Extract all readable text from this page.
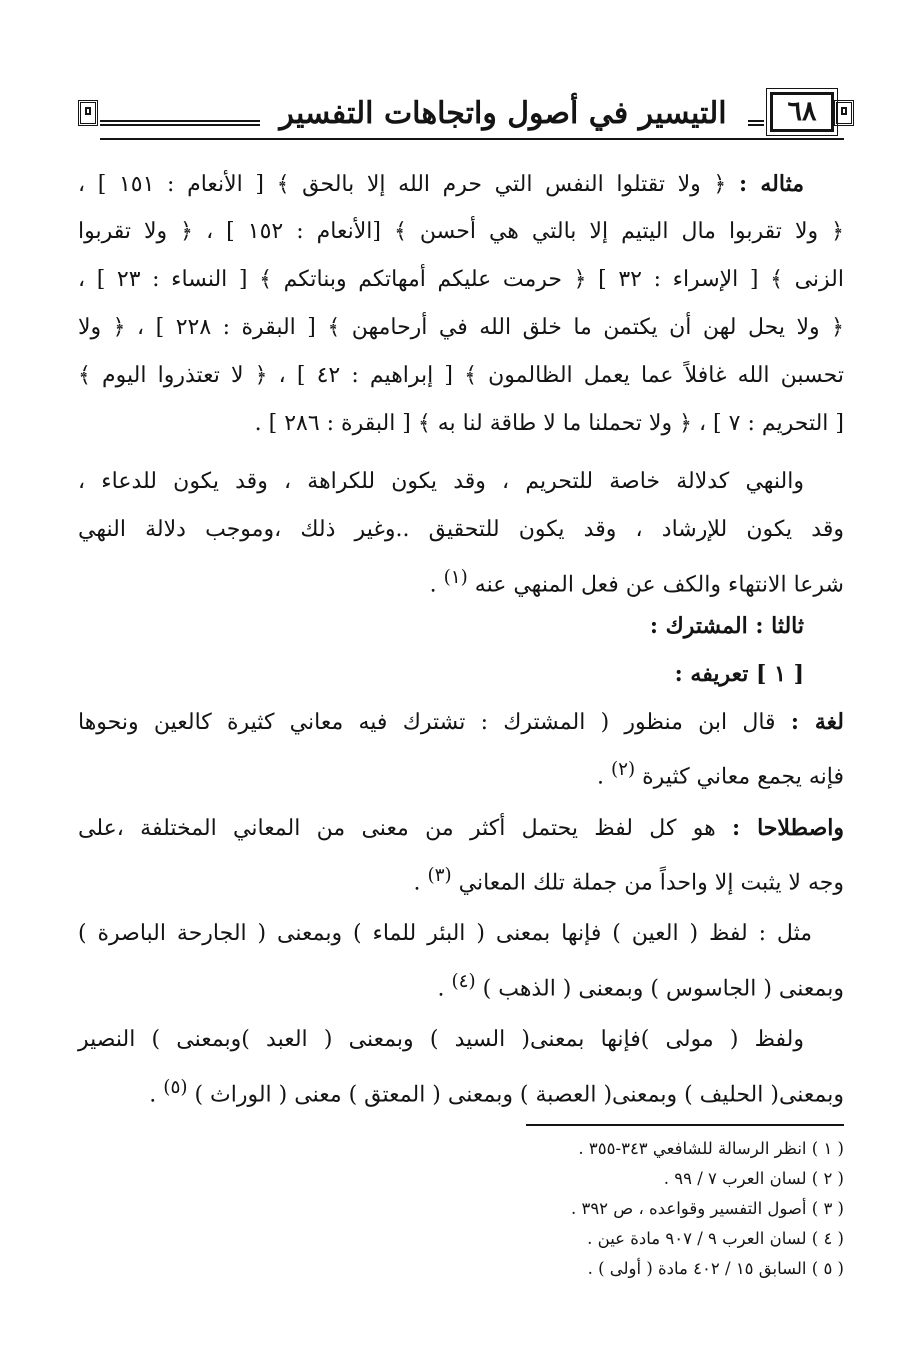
التيسير في أصول واتجاهات التفسير	٦٨
مثاله : ﴿ ولا تقتلوا النفس التي حرم الله إلا بالحق ﴾ [ الأنعام : ١٥١ ] ،
﴿ ولا تقربوا مال اليتيم إلا بالتي هي أحسن ﴾ [الأنعام : ١٥٢ ] ، ﴿ ولا تقربوا
الزنى ﴾ [ الإسراء : ٣٢ ] ﴿ حرمت عليكم أمهاتكم وبناتكم ﴾ [ النساء : ٢٣ ] ،
﴿ ولا يحل لهن أن يكتمن ما خلق الله في أرحامهن ﴾ [ البقرة : ٢٢٨ ] ، ﴿ ولا
تحسبن الله غافلاً عما يعمل الظالمون ﴾ [ إبراهيم : ٤٢ ] ، ﴿ لا تعتذروا اليوم ﴾
[ التحريم : ٧ ] ، ﴿ ولا تحملنا ما لا طاقة لنا به ﴾ [ البقرة : ٢٨٦ ] .
والنهي كدلالة خاصة للتحريم ، وقد يكون للكراهة ، وقد يكون للدعاء ،
وقد يكون للإرشاد ، وقد يكون للتحقيق ..وغير ذلك ،وموجب دلالة النهي
شرعا الانتهاء والكف عن فعل المنهي عنه $^{(١)}$ .
ثالثا : المشترك :
[ ١ ] تعريفه :
لغة : قال ابن منظور ( المشترك : تشترك فيه معاني كثيرة كالعين ونحوها
فإنه يجمع معاني كثيرة $^{(٢)}$ .
واصطلاحا : هو كل لفظ يحتمل أكثر من معنى من المعاني المختلفة ،على
وجه لا يثبت إلا واحداً من جملة تلك المعاني $^{(٣)}$ .
مثل : لفظ ( العين ) فإنها بمعنى ( البئر للماء ) وبمعنى ( الجارحة الباصرة )
وبمعنى ( الجاسوس ) وبمعنى ( الذهب ) $^{(٤)}$ .
ولفظ ( مولى )فإنها بمعنى( السيد ) وبمعنى ( العبد )وبمعنى ) النصير
وبمعنى( الحليف ) وبمعنى( العصبة ) وبمعنى ( المعتق ) معنى ( الوراث ) $^{(٥)}$ .
( ١ ) انظر الرسالة للشافعي ٣٤٣-٣٥٥ .
( ٢ ) لسان العرب ٧ / ٩٩ .
( ٣ ) أصول التفسير وقواعده ، ص ٣٩٢ .
( ٤ ) لسان العرب ٩ / ٩٠٧ مادة عين .
( ٥ ) السابق ١٥ / ٤٠٢ مادة ( أولى ) .
